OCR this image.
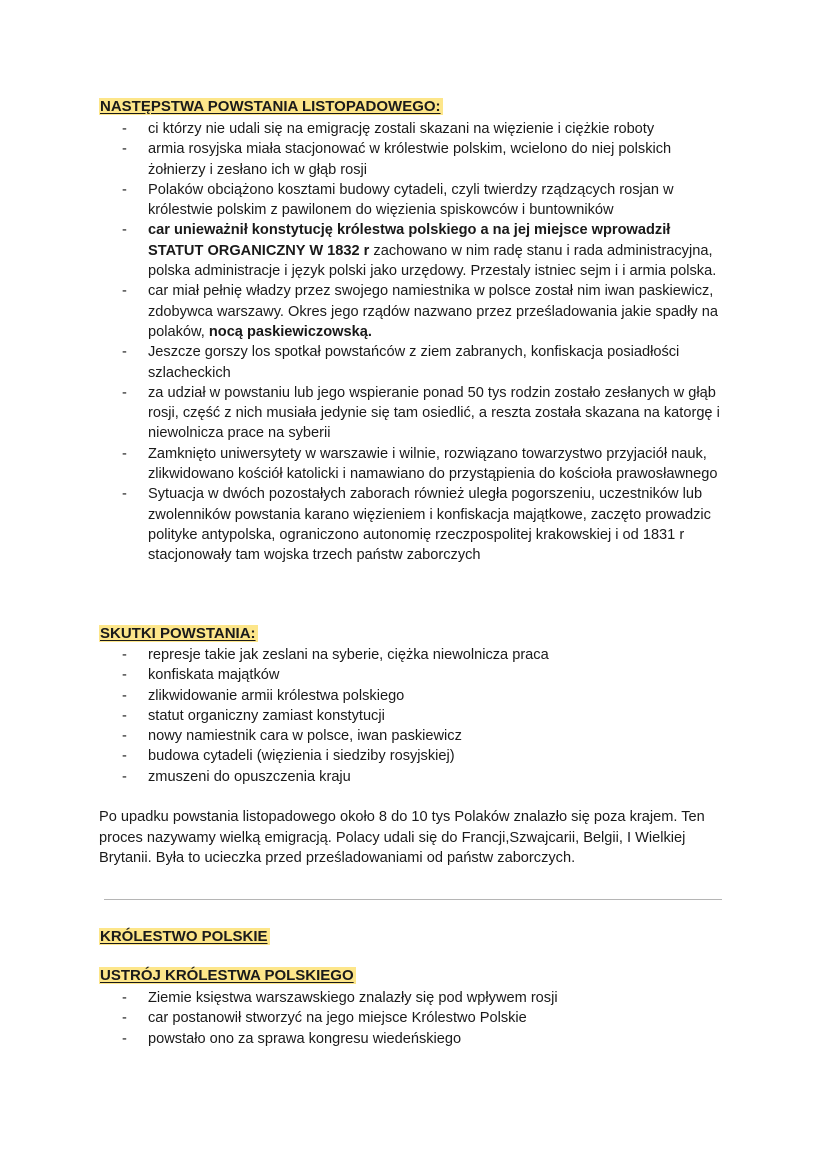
NASTĘPSTWA POWSTANIA LISTOPADOWEGO:
- ci którzy nie udali się na emigrację zostali skazani na więzienie i ciężkie roboty
- armia rosyjska miała stacjonować w królestwie polskim, wcielono do niej polskich żołnierzy i zesłano ich w głąb rosji
- Polaków obciążono kosztami budowy cytadeli, czyli twierdzy rządzących rosjan w królestwie polskim z pawilonem do więzienia spiskowców i buntowników
- car unieważnił konstytucję królestwa polskiego a na jej miejsce wprowadził STATUT ORGANICZNY W 1832 r zachowano w nim radę stanu i rada administracyjna, polska administracje i język polski jako urzędowy. Przestaly istniec sejm i i armia polska.
- car miał pełnię władzy przez swojego namiestnika w polsce został nim iwan paskiewicz, zdobywca warszawy. Okres jego rządów nazwano przez prześladowania jakie spadły na polaków, nocą paskiewiczowską.
- Jeszcze gorszy los spotkał powstańców z ziem zabranych, konfiskacja posiadłości szlacheckich
- za udział w powstaniu lub jego wspieranie ponad 50 tys rodzin zostało zesłanych w głąb rosji, część z nich musiała jedynie się tam osiedlić, a reszta została skazana na katorgę i niewolnicza prace na syberii
- Zamknięto uniwersytety w warszawie i wilnie, rozwiązano towarzystwo przyjaciół nauk, zlikwidowano kościół katolicki i namawiano do przystąpienia do kościoła prawosławnego
- Sytuacja w dwóch pozostałych zaborach również uległa pogorszeniu, uczestników lub zwolenników powstania karano więzieniem i konfiskacja majątkowe, zaczęto prowadzic polityke antypolska, ograniczono autonomię rzeczpospolitej krakowskiej i od 1831 r stacjonowały tam wojska trzech państw zaborczych
SKUTKI POWSTANIA:
- represje takie jak zeslani na syberie, ciężka niewolnicza praca
- konfiskata majątków
- zlikwidowanie armii królestwa polskiego
- statut organiczny zamiast konstytucji
- nowy namiestnik cara w polsce, iwan paskiewicz
- budowa cytadeli (więzienia i siedziby rosyjskiej)
- zmuszeni do opuszczenia kraju

Po upadku powstania listopadowego około 8 do 10 tys Polaków znalazło się poza krajem. Ten proces nazywamy wielką emigracją. Polacy udali się do Francji,Szwajcarii, Belgii, I Wielkiej Brytanii. Była to ucieczka przed prześladowaniami od państw zaborczych.

KRÓLESTWO POLSKIE
USTRÓJ KRÓLESTWA POLSKIEGO
- Ziemie księstwa warszawskiego znalazły się pod wpływem rosji
- car postanowił stworzyć na jego miejsce Królestwo Polskie
- powstało ono za sprawa kongresu wiedeńskiego
